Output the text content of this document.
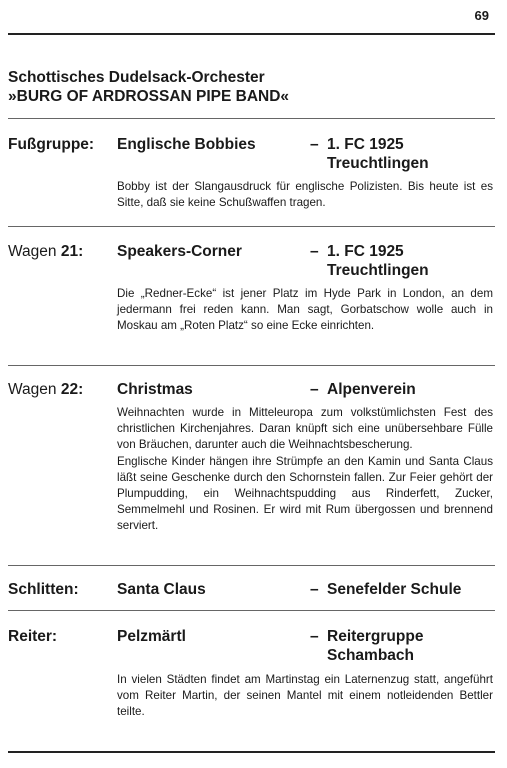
69
Schottisches Dudelsack-Orchester
»BURG OF ARDROSSAN PIPE BAND«
Fußgruppe: Englische Bobbies	– 1. FC 1925
Treuchtlingen
Bobby ist der Slangausdruck für englische Polizisten. Bis heute ist es Sitte, daß sie keine Schußwaffen tragen.
Wagen 21: Speakers-Corner	– 1. FC 1925
Treuchtlingen
Die „Redner-Ecke“ ist jener Platz im Hyde Park in London, an dem jedermann frei reden kann. Man sagt, Gorbatschow wolle auch in Moskau am „Roten Platz“ so eine Ecke einrichten.
Wagen 22: Christmas	– Alpenverein
Weihnachten wurde in Mitteleuropa zum volkstümlichsten Fest des christlichen Kirchenjahres. Daran knüpft sich eine unübersehbare Fülle von Bräuchen, darunter auch die Weihnachtsbescherung.
Englische Kinder hängen ihre Strümpfe an den Kamin und Santa Claus läßt seine Geschenke durch den Schornstein fallen. Zur Feier gehört der Plumpudding, ein Weihnachtspudding aus Rinderfett, Zucker, Semmelmehl und Rosinen. Er wird mit Rum übergossen und brennend serviert.
Schlitten: Santa Claus	– Senefelder Schule
Reiter:	Pelzmärtl	– Reitergruppe
Schambach
In vielen Städten findet am Martinstag ein Laternenzug statt, angeführt vom Reiter Martin, der seinen Mantel mit einem notleidenden Bettler teilte.
